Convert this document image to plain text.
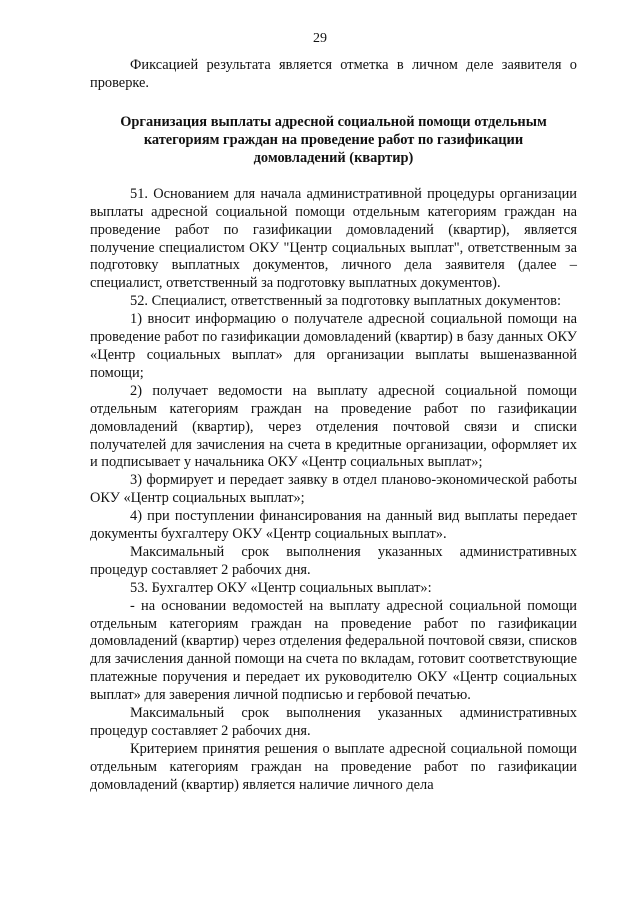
29

Фиксацией результата является отметка в личном деле заявителя о проверке.

Организация выплаты адресной социальной помощи отдельным
категориям граждан на проведение работ по газификации
домовладений (квартир)

51. Основанием для начала административной процедуры организации выплаты адресной социальной помощи отдельным категориям граждан на проведение работ по газификации домовладений (квартир), является получение специалистом ОКУ "Центр социальных выплат", ответственным за подготовку выплатных документов, личного дела заявителя (далее – специалист, ответственный за подготовку выплатных документов).

52. Специалист, ответственный за подготовку выплатных документов:

1) вносит информацию о получателе адресной социальной помощи на проведение работ по газификации домовладений (квартир) в базу данных ОКУ «Центр социальных выплат» для организации выплаты вышеназванной помощи;

2) получает ведомости на выплату адресной социальной помощи отдельным категориям граждан на проведение работ по газификации домовладений (квартир), через отделения почтовой связи и списки получателей для зачисления на счета в кредитные организации, оформляет их и подписывает у начальника ОКУ «Центр социальных выплат»;

3) формирует и передает заявку в отдел планово-экономической работы ОКУ «Центр социальных выплат»;

4) при поступлении финансирования на данный вид выплаты передает документы бухгалтеру ОКУ «Центр социальных выплат».

Максимальный срок выполнения указанных административных процедур составляет 2 рабочих дня.

53. Бухгалтер ОКУ «Центр социальных выплат»:

- на основании ведомостей на выплату адресной социальной помощи отдельным категориям граждан на проведение работ по газификации домовладений (квартир) через отделения федеральной почтовой связи, списков для зачисления данной помощи на счета по вкладам, готовит соответствующие платежные поручения и передает их руководителю ОКУ «Центр социальных выплат» для заверения личной подписью и гербовой печатью.

Максимальный срок выполнения указанных административных процедур составляет 2 рабочих дня.

Критерием принятия решения о выплате адресной социальной помощи отдельным категориям граждан на проведение работ по газификации домовладений (квартир) является наличие личного дела
